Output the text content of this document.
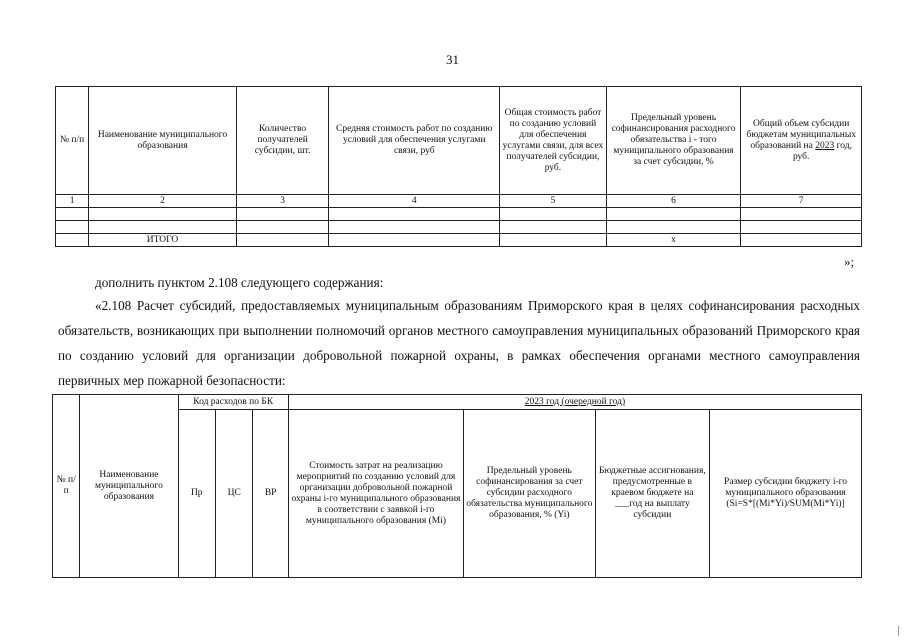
31
№ п/п	Наименование муниципального образования	Количество получателей субсидии, шт.	Средняя стоимость работ по созданию условий для обеспечения услугами связи, руб	Общая стоимость работ по созданию условий для обеспечения услугами связи, для всех получателей субсидии, руб.	Предельный уровень софинансирования расходного обязательства i - того муниципального образования за счет субсидии, %	Общий объем субсидии бюджетам муниципальных образований на 2023 год, руб.
1	2	3	4	5	6	7

	ИТОГО				x	
»;
дополнить пунктом 2.108 следующего содержания:
«2.108 Расчет субсидий, предоставляемых муниципальным образованиям Приморского края в целях софинансирования расходных обязательств, возникающих при выполнении полномочий органов местного самоуправления муниципальных образований Приморского края по созданию условий для организации добровольной пожарной охраны, в рамках обеспечения органами местного самоуправления первичных мер пожарной безопасности:
№ п/п	Наименование муниципального образования	Код расходов по БК			2023 год (очередной год)			
		Пр	ЦС	ВР	Стоимость затрат на реализацию мероприятий по созданию условий для организации добровольной пожарной охраны i-го муниципального образования в соответствии с заявкой i-го муниципального образования (Mi)	Предельный уровень софинансирования за счет субсидии расходного обязательства муниципального образования, % (Yi)	Бюджетные ассигнования, предусмотренные в краевом бюджете на ___год на выплату субсидии	Размер субсидии бюджету i-го муниципального образования (Si=S*[(Mi*Yi)/SUM(Mi*Yi)]
